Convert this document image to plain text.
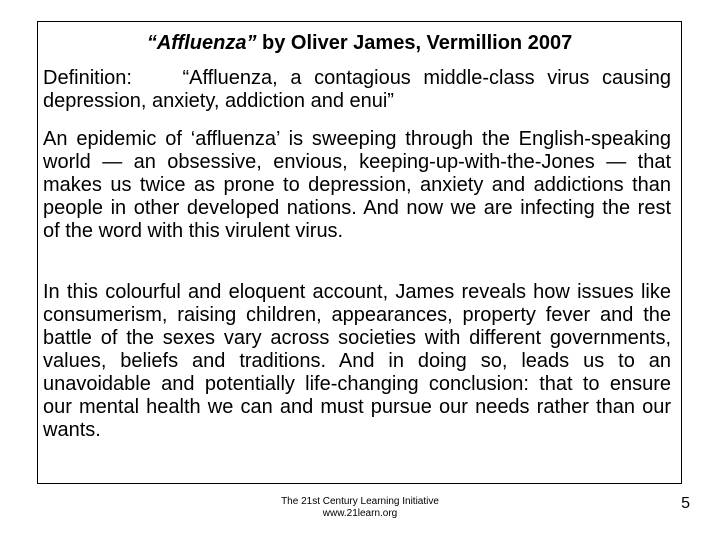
“Affluenza” by Oliver James, Vermillion 2007
Definition:	“Affluenza, a contagious middle-class virus causing depression, anxiety, addiction and enui”
An epidemic of ‘affluenza’ is sweeping through the English-speaking world — an obsessive, envious, keeping-up-with-the-Jones — that makes us twice as prone to depression, anxiety and addictions than people in other developed nations. And now we are infecting the rest of the word with this virulent virus.
In this colourful and eloquent account, James reveals how issues like consumerism, raising children, appearances, property fever and the battle of the sexes vary across societies with different governments, values, beliefs and traditions. And in doing so, leads us to an unavoidable and potentially life-changing conclusion: that to ensure our mental health we can and must pursue our needs rather than our wants.
The 21st Century Learning Initiative
www.21learn.org
5
